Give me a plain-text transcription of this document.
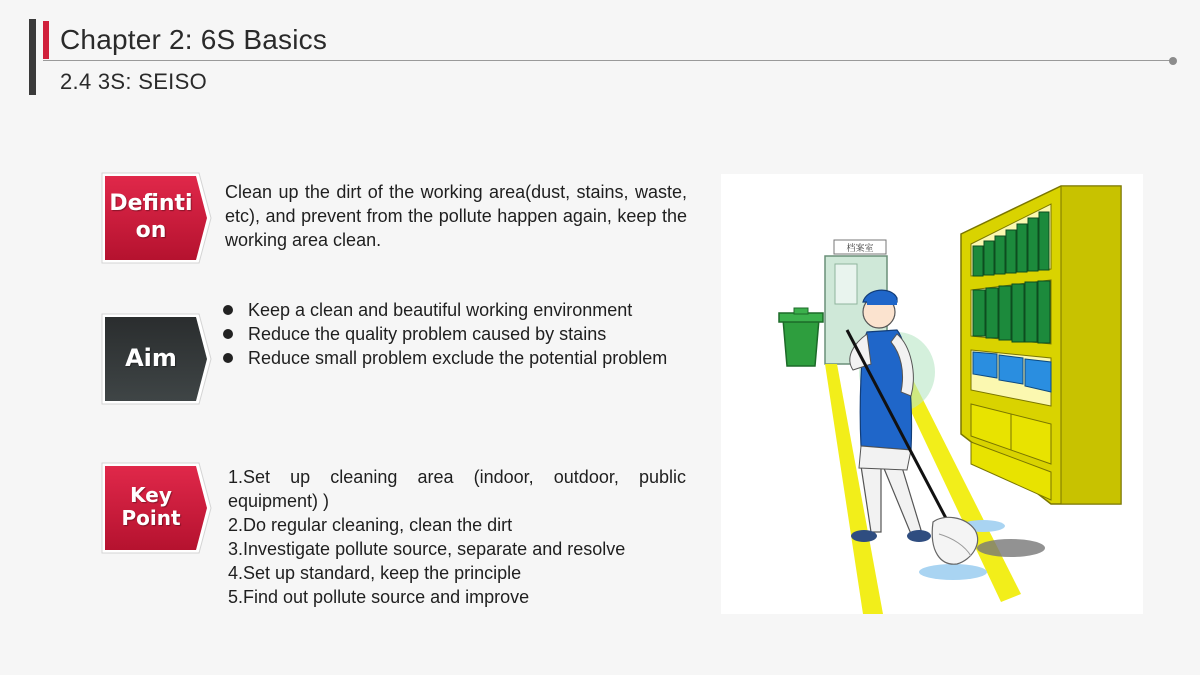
Chapter 2: 6S Basics
2.4 3S: SEISO
Definti
on
Clean up the dirt of the working area(dust, stains, waste, etc), and prevent from the pollute happen again, keep the working area clean.
Aim
Keep a clean and beautiful working environment
Reduce the quality problem caused by stains
Reduce small problem exclude the potential problem
Key
Point
1.Set up cleaning area (indoor, outdoor, public equipment) )
2.Do regular cleaning, clean the dirt
3.Investigate pollute source, separate and resolve
4.Set up standard, keep the principle
5.Find out pollute source and improve
档案室
